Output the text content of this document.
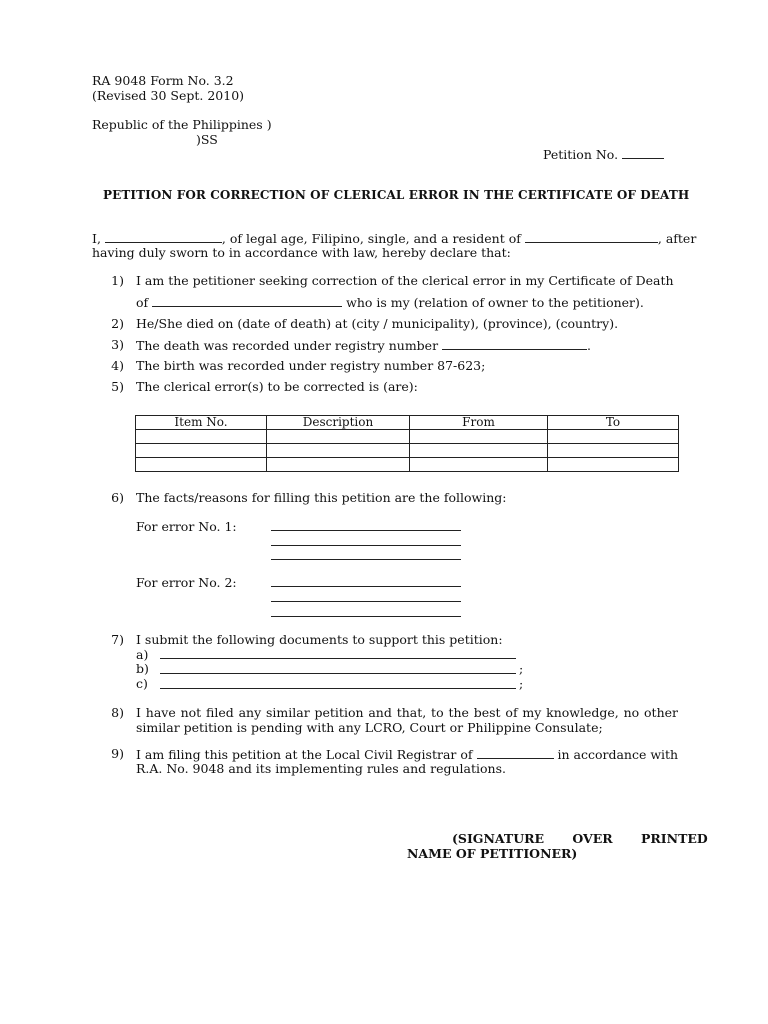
RA 9048 Form No. 3.2
(Revised 30 Sept. 2010)
Republic of the Philippines )
)SS
Petition No.
PETITION FOR CORRECTION OF CLERICAL ERROR IN THE CERTIFICATE OF DEATH
I,	, of legal age, Filipino, single, and a resident of	, after
having duly sworn to in accordance with law, hereby declare that:
1) I am the petitioner seeking correction of the clerical error in my Certificate of Death
of	who is my (relation of owner to the petitioner).
2) He/She died on (date of death) at (city / municipality), (province), (country).
3) The death was recorded under registry number	.
4) The birth was recorded under registry number 87-623;
5) The clerical error(s) to be corrected is (are):
Item No.	Description	From	To

6) The facts/reasons for filling this petition are the following:
For error No. 1:
For error No. 2:
7) I submit the following documents to support this petition:
a)
b)	;
c)	;
8) I have not filed any similar petition and that, to the best of my knowledge, no other
similar petition is pending with any LCRO, Court or Philippine Consulate;
9) I am filing this petition at the Local Civil Registrar of	in accordance with
R.A. No. 9048 and its implementing rules and regulations.
(SIGNATURE OVER PRINTED
NAME OF PETITIONER)
